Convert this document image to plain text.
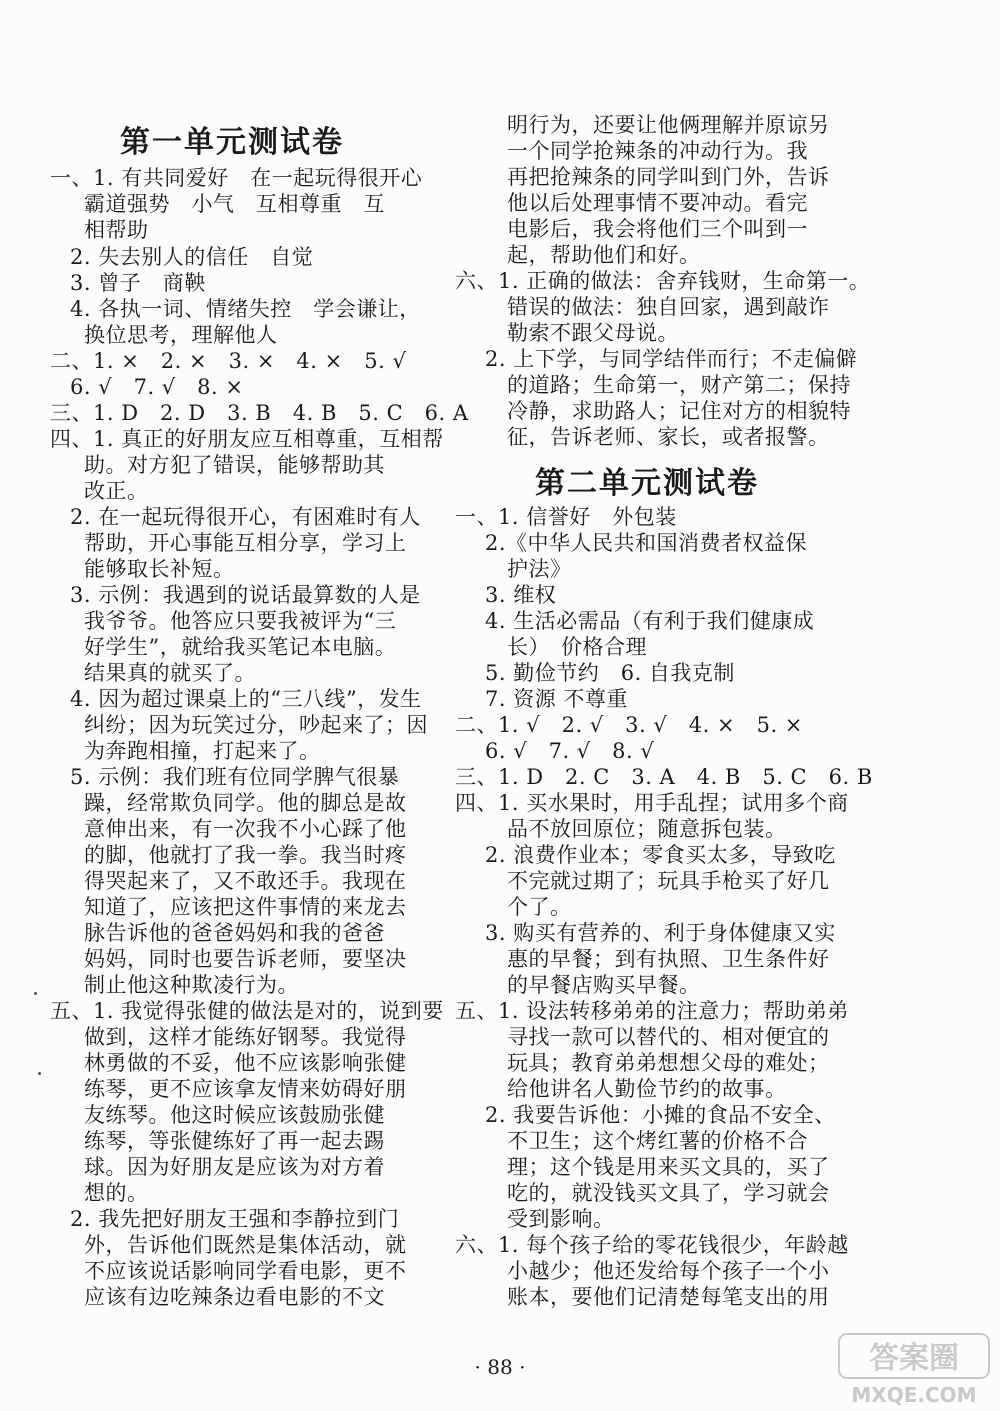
第一单元测试卷
一、1. 有共同爱好　在一起玩得很开心
霸道强势　小气　互相尊重　互
相帮助
2. 失去别人的信任　自觉
3. 曾子　商鞅
4. 各执一词、情绪失控　学会谦让，
换位思考，理解他人
二、1. ×　2. ×　3. ×　4. ×　5. √
6. √　7. √　8. ×
三、1. D　2. D　3. B　4. B　5. C　6. A
四、1. 真正的好朋友应互相尊重，互相帮
助。对方犯了错误，能够帮助其
改正。
2. 在一起玩得很开心，有困难时有人
帮助，开心事能互相分享，学习上
能够取长补短。
3. 示例：我遇到的说话最算数的人是
我爷爷。他答应只要我被评为“三
好学生”，就给我买笔记本电脑。
结果真的就买了。
4. 因为超过课桌上的“三八线”，发生
纠纷；因为玩笑过分，吵起来了；因
为奔跑相撞，打起来了。
5. 示例：我们班有位同学脾气很暴
躁，经常欺负同学。他的脚总是故
意伸出来，有一次我不小心踩了他
的脚，他就打了我一拳。我当时疼
得哭起来了，又不敢还手。我现在
知道了，应该把这件事情的来龙去
脉告诉他的爸爸妈妈和我的爸爸
妈妈，同时也要告诉老师，要坚决
制止他这种欺凌行为。
五、1. 我觉得张健的做法是对的，说到要
做到，这样才能练好钢琴。我觉得
林勇做的不妥，他不应该影响张健
练琴，更不应该拿友情来妨碍好朋
友练琴。他这时候应该鼓励张健
练琴，等张健练好了再一起去踢
球。因为好朋友是应该为对方着
想的。
2. 我先把好朋友王强和李静拉到门
外，告诉他们既然是集体活动，就
不应该说话影响同学看电影，更不
应该有边吃辣条边看电影的不文
明行为，还要让他俩理解并原谅另
一个同学抢辣条的冲动行为。我
再把抢辣条的同学叫到门外，告诉
他以后处理事情不要冲动。看完
电影后，我会将他们三个叫到一
起，帮助他们和好。
六、1. 正确的做法：舍弃钱财，生命第一。
错误的做法：独自回家，遇到敲诈
勒索不跟父母说。
2. 上下学，与同学结伴而行；不走偏僻
的道路；生命第一，财产第二；保持
冷静，求助路人；记住对方的相貌特
征，告诉老师、家长，或者报警。
第二单元测试卷
一、1. 信誉好　外包装
2.《中华人民共和国消费者权益保
护法》
3. 维权
4. 生活必需品（有利于我们健康成
长）　价格合理
5. 勤俭节约　6. 自我克制
7. 资源 不尊重
二、1. √　2. √　3. √　4. ×　5. ×
6. √　7. √　8. √
三、1. D　2. C　3. A　4. B　5. C　6. B
四、1. 买水果时，用手乱捏；试用多个商
品不放回原位；随意拆包装。
2. 浪费作业本；零食买太多，导致吃
不完就过期了；玩具手枪买了好几
个了。
3. 购买有营养的、利于身体健康又实
惠的早餐；到有执照、卫生条件好
的早餐店购买早餐。
五、1. 设法转移弟弟的注意力；帮助弟弟
寻找一款可以替代的、相对便宜的
玩具；教育弟弟想想父母的难处；
给他讲名人勤俭节约的故事。
2. 我要告诉他：小摊的食品不安全、
不卫生；这个烤红薯的价格不合
理；这个钱是用来买文具的，买了
吃的，就没钱买文具了，学习就会
受到影响。
六、1. 每个孩子给的零花钱很少，年龄越
小越少；他还发给每个孩子一个小
账本，要他们记清楚每笔支出的用
· 88 ·	答案圈
MXQE.COM
